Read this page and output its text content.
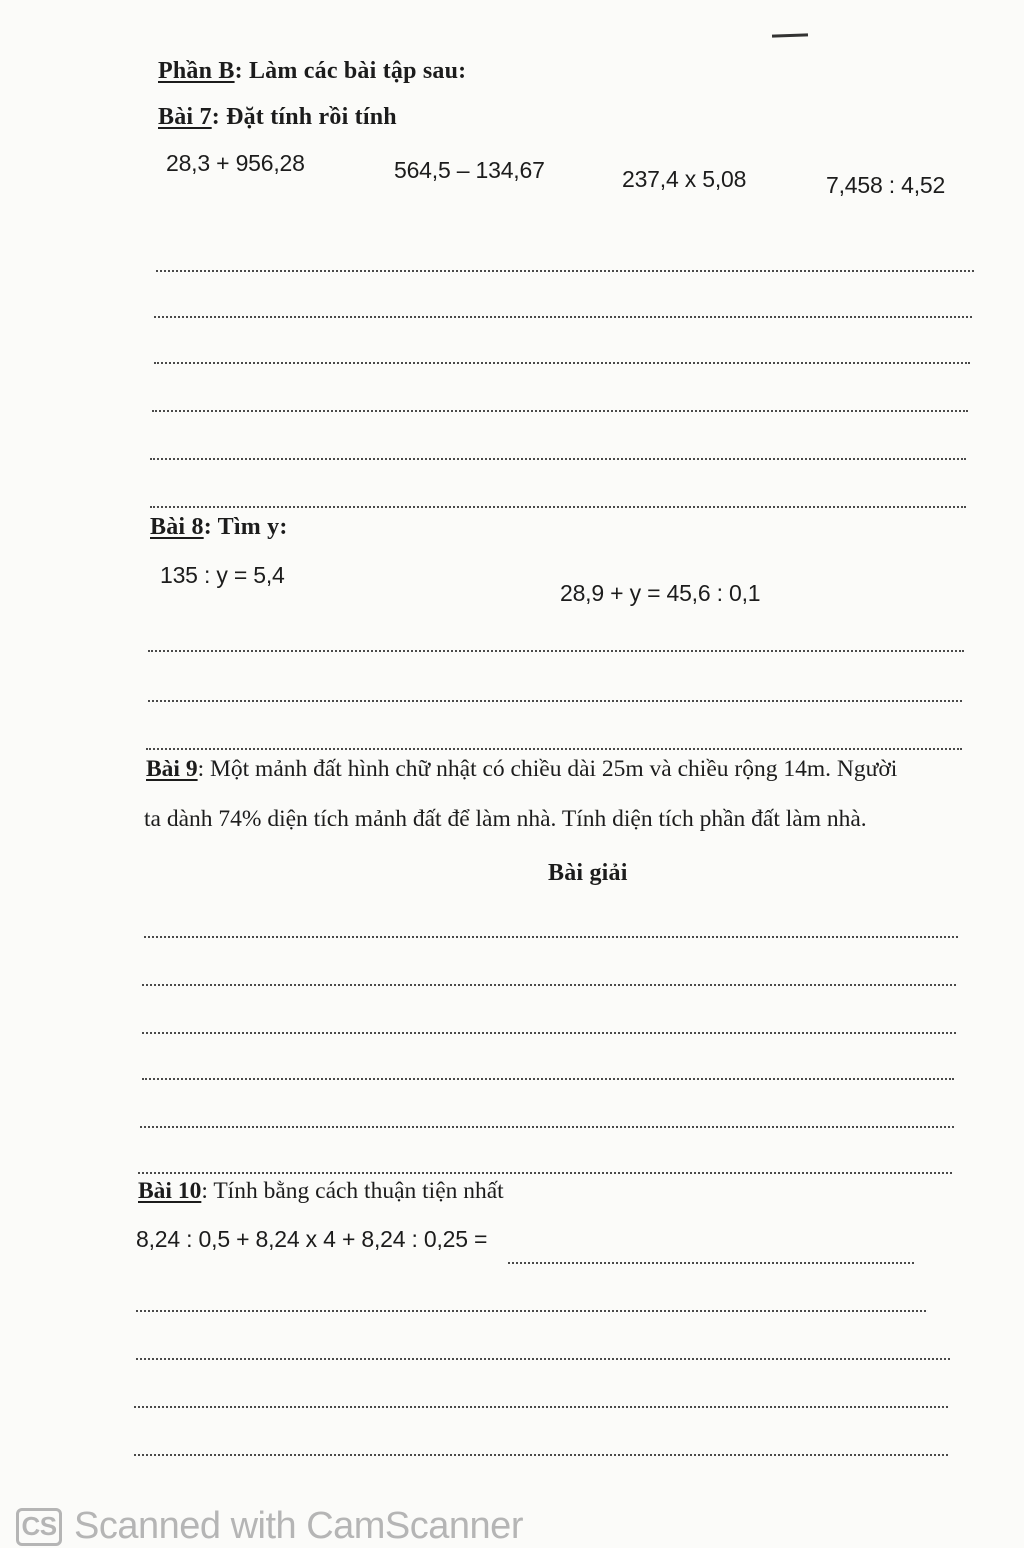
Phần B: Làm các bài tập sau:
Bài 7: Đặt tính rồi tính
28,3 + 956,28	564,5 – 134,67	237,4 x 5,08	7,458 : 4,52
Bài 8: Tìm y:
135 : y = 5,4
28,9 + y = 45,6 : 0,1
Bài 9: Một mảnh đất hình chữ nhật có chiều dài 25m và chiều rộng 14m. Người
ta dành 74% diện tích mảnh đất để làm nhà. Tính diện tích phần đất làm nhà.
Bài giải
Bài 10: Tính bằng cách thuận tiện nhất
8,24 : 0,5 + 8,24 x 4 + 8,24 : 0,25 =
CS Scanned with CamScanner
